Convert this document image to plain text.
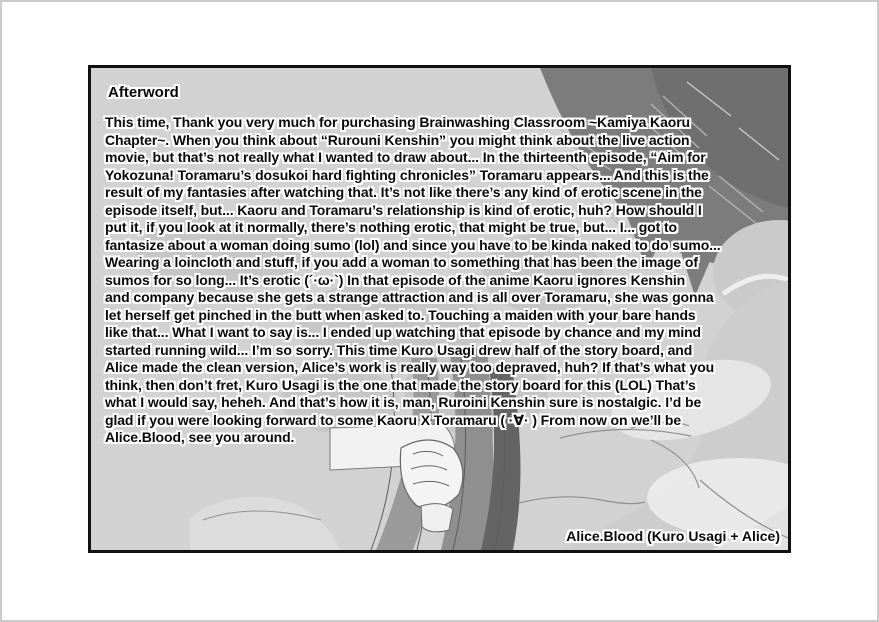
Afterword
This time, Thank you very much for purchasing Brainwashing Classroom ~Kamiya Kaoru
Chapter~. When you think about “Rurouni Kenshin” you might think about the live action
movie, but that’s not really what I wanted to draw about... In the thirteenth episode, “Aim for
Yokozuna! Toramaru’s dosukoi hard fighting chronicles” Toramaru appears... And this is the
result of my fantasies after watching that. It’s not like there’s any kind of erotic scene in the
episode itself, but... Kaoru and Toramaru’s relationship is kind of erotic, huh? How should I
put it, if you look at it normally, there’s nothing erotic, that might be true, but... I... got to
fantasize about a woman doing sumo (lol) and since you have to be kinda naked to do sumo...
Wearing a loincloth and stuff, if you add a woman to something that has been the image of
sumos for so long... It’s erotic (´·ω·`) In that episode of the anime Kaoru ignores Kenshin
and company because she gets a strange attraction and is all over Toramaru, she was gonna
let herself get pinched in the butt when asked to. Touching a maiden with your bare hands
like that... What I want to say is... I ended up watching that episode by chance and my mind
started running wild... I’m so sorry. This time Kuro Usagi drew half of the story board, and
Alice made the clean version, Alice’s work is really way too depraved, huh? If that’s what you
think, then don’t fret, Kuro Usagi is the one that made the story board for this (LOL) That’s
what I would say, heheh. And that’s how it is, man, Ruroini Kenshin sure is nostalgic. I’d be
glad if you were looking forward to some Kaoru X Toramaru ( ·∀· ) From now on we’ll be
Alice.Blood, see you around.
Alice.Blood (Kuro Usagi + Alice)
